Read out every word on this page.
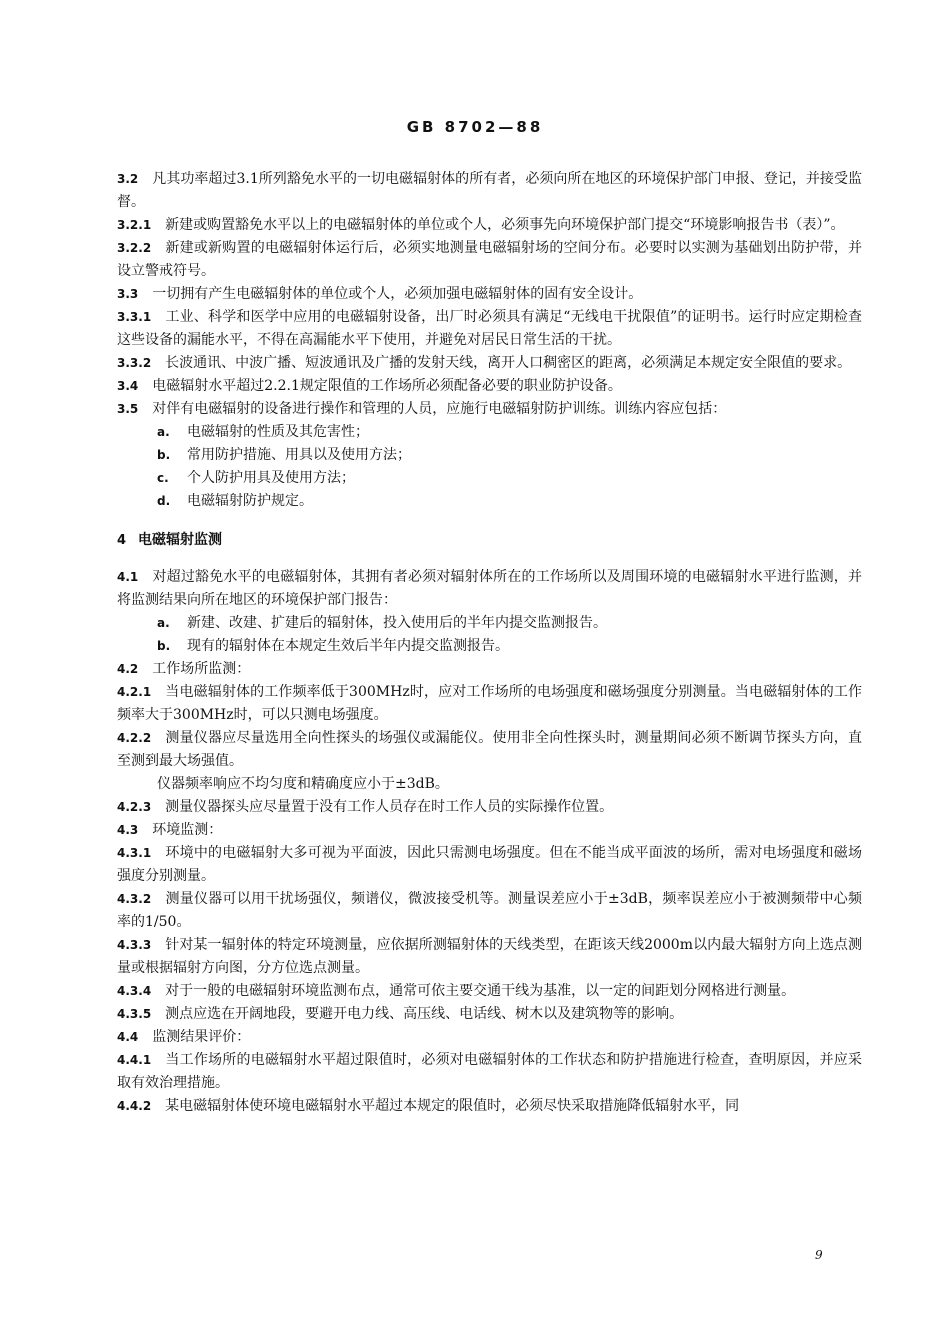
GB 8702—88

3.2 凡其功率超过3.1所列豁免水平的一切电磁辐射体的所有者，必须向所在地区的环境保护部门申报、登记，并接受监督。

3.2.1 新建或购置豁免水平以上的电磁辐射体的单位或个人，必须事先向环境保护部门提交“环境影响报告书（表）”。

3.2.2 新建或新购置的电磁辐射体运行后，必须实地测量电磁辐射场的空间分布。必要时以实测为基础划出防护带，并设立警戒符号。

3.3 一切拥有产生电磁辐射体的单位或个人，必须加强电磁辐射体的固有安全设计。

3.3.1 工业、科学和医学中应用的电磁辐射设备，出厂时必须具有满足“无线电干扰限值”的证明书。运行时应定期检查这些设备的漏能水平，不得在高漏能水平下使用，并避免对居民日常生活的干扰。

3.3.2 长波通讯、中波广播、短波通讯及广播的发射天线，离开人口稠密区的距离，必须满足本规定安全限值的要求。

3.4 电磁辐射水平超过2.2.1规定限值的工作场所必须配备必要的职业防护设备。

3.5 对伴有电磁辐射的设备进行操作和管理的人员，应施行电磁辐射防护训练。训练内容应包括：

a. 电磁辐射的性质及其危害性；

b. 常用防护措施、用具以及使用方法；

c. 个人防护用具及使用方法；

d. 电磁辐射防护规定。

4 电磁辐射监测

4.1 对超过豁免水平的电磁辐射体，其拥有者必须对辐射体所在的工作场所以及周围环境的电磁辐射水平进行监测，并将监测结果向所在地区的环境保护部门报告：

a. 新建、改建、扩建后的辐射体，投入使用后的半年内提交监测报告。

b. 现有的辐射体在本规定生效后半年内提交监测报告。

4.2 工作场所监测：

4.2.1 当电磁辐射体的工作频率低于300MHz时，应对工作场所的电场强度和磁场强度分别测量。当电磁辐射体的工作频率大于300MHz时，可以只测电场强度。

4.2.2 测量仪器应尽量选用全向性探头的场强仪或漏能仪。使用非全向性探头时，测量期间必须不断调节探头方向，直至测到最大场强值。

仪器频率响应不均匀度和精确度应小于±3dB。

4.2.3 测量仪器探头应尽量置于没有工作人员存在时工作人员的实际操作位置。

4.3 环境监测：

4.3.1 环境中的电磁辐射大多可视为平面波，因此只需测电场强度。但在不能当成平面波的场所，需对电场强度和磁场强度分别测量。

4.3.2 测量仪器可以用干扰场强仪，频谱仪，微波接受机等。测量误差应小于±3dB，频率误差应小于被测频带中心频率的1/50。

4.3.3 针对某一辐射体的特定环境测量，应依据所测辐射体的天线类型，在距该天线2000m以内最大辐射方向上选点测量或根据辐射方向图，分方位选点测量。

4.3.4 对于一般的电磁辐射环境监测布点，通常可依主要交通干线为基准，以一定的间距划分网格进行测量。

4.3.5 测点应选在开阔地段，要避开电力线、高压线、电话线、树木以及建筑物等的影响。

4.4 监测结果评价：

4.4.1 当工作场所的电磁辐射水平超过限值时，必须对电磁辐射体的工作状态和防护措施进行检查，查明原因，并应采取有效治理措施。

4.4.2 某电磁辐射体使环境电磁辐射水平超过本规定的限值时，必须尽快采取措施降低辐射水平，同

9
